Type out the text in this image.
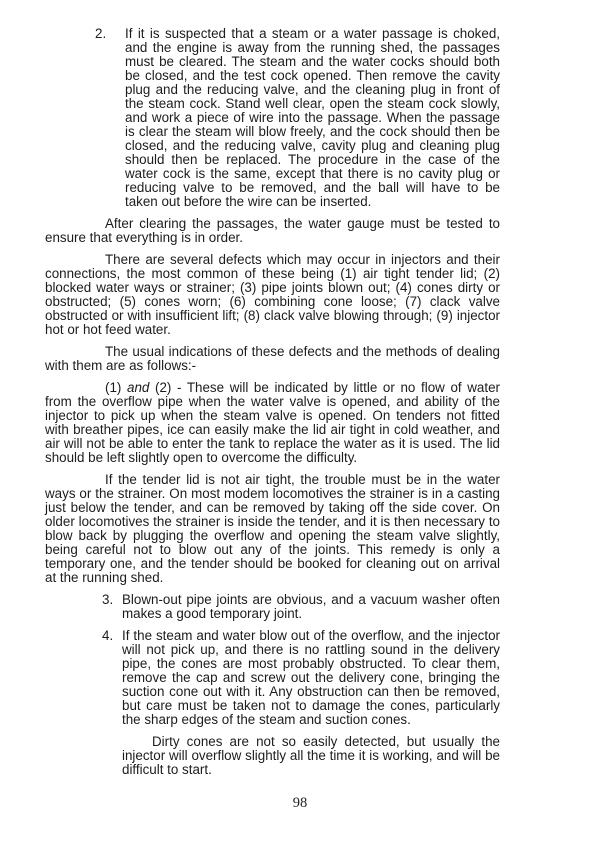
2.	If it is suspected that a steam or a water passage is choked, and the engine is away from the running shed, the passages must be cleared. The steam and the water cocks should both be closed, and the test cock opened. Then remove the cavity plug and the reducing valve, and the cleaning plug in front of the steam cock. Stand well clear, open the steam cock slowly, and work a piece of wire into the passage. When the passage is clear the steam will blow freely, and the cock should then be closed, and the reducing valve, cavity plug and cleaning plug should then be replaced. The procedure in the case of the water cock is the same, except that there is no cavity plug or reducing valve to be removed, and the ball will have to be taken out before the wire can be inserted.

After clearing the passages, the water gauge must be tested to ensure that everything is in order.

There are several defects which may occur in injectors and their connections, the most common of these being (1) air tight tender lid; (2) blocked water ways or strainer; (3) pipe joints blown out; (4) cones dirty or obstructed; (5) cones worn; (6) combining cone loose; (7) clack valve obstructed or with insufficient lift; (8) clack valve blowing through; (9) injector hot or hot feed water.

The usual indications of these defects and the methods of dealing with them are as follows:-

(1) and (2) - These will be indicated by little or no flow of water from the overflow pipe when the water valve is opened, and ability of the injector to pick up when the steam valve is opened. On tenders not fitted with breather pipes, ice can easily make the lid air tight in cold weather, and air will not be able to enter the tank to replace the water as it is used. The lid should be left slightly open to overcome the difficulty.

If the tender lid is not air tight, the trouble must be in the water ways or the strainer. On most modem locomotives the strainer is in a casting just below the tender, and can be removed by taking off the side cover. On older locomotives the strainer is inside the tender, and it is then necessary to blow back by plugging the overflow and opening the steam valve slightly, being careful not to blow out any of the joints. This remedy is only a temporary one, and the tender should be booked for cleaning out on arrival at the running shed.

3. Blown-out pipe joints are obvious, and a vacuum washer often makes a good temporary joint.
4. If the steam and water blow out of the overflow, and the injector will not pick up, and there is no rattling sound in the delivery pipe, the cones are most probably obstructed. To clear them, remove the cap and screw out the delivery cone, bringing the suction cone out with it. Any obstruction can then be removed, but care must be taken not to damage the cones, particularly the sharp edges of the steam and suction cones.

Dirty cones are not so easily detected, but usually the injector will overflow slightly all the time it is working, and will be difficult to start.

98
